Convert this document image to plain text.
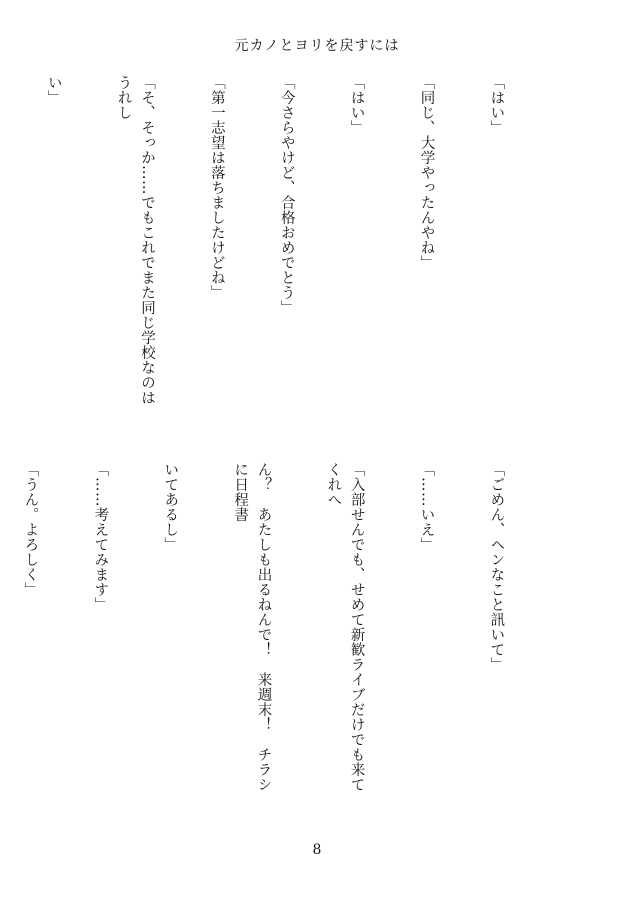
元カノとヨリを戻すには

「はい」

「同じ、大学やったんやね」

「はい」

「今さらやけど、合格おめでとう」

「第一志望は落ちましたけどね」

「そ、そっか……でもこれでまた同じ学校なのはうれし

い」

「ごめん、ヘンなこと訊いて」

「……いえ」

「入部せんでも、せめて新歓ライブだけでも来てくれへ

ん？　あたしも出るねんで！　来週末！　チラシに日程書

いてあるし」

「……考えてみます」

「うん。よろしく」

8
